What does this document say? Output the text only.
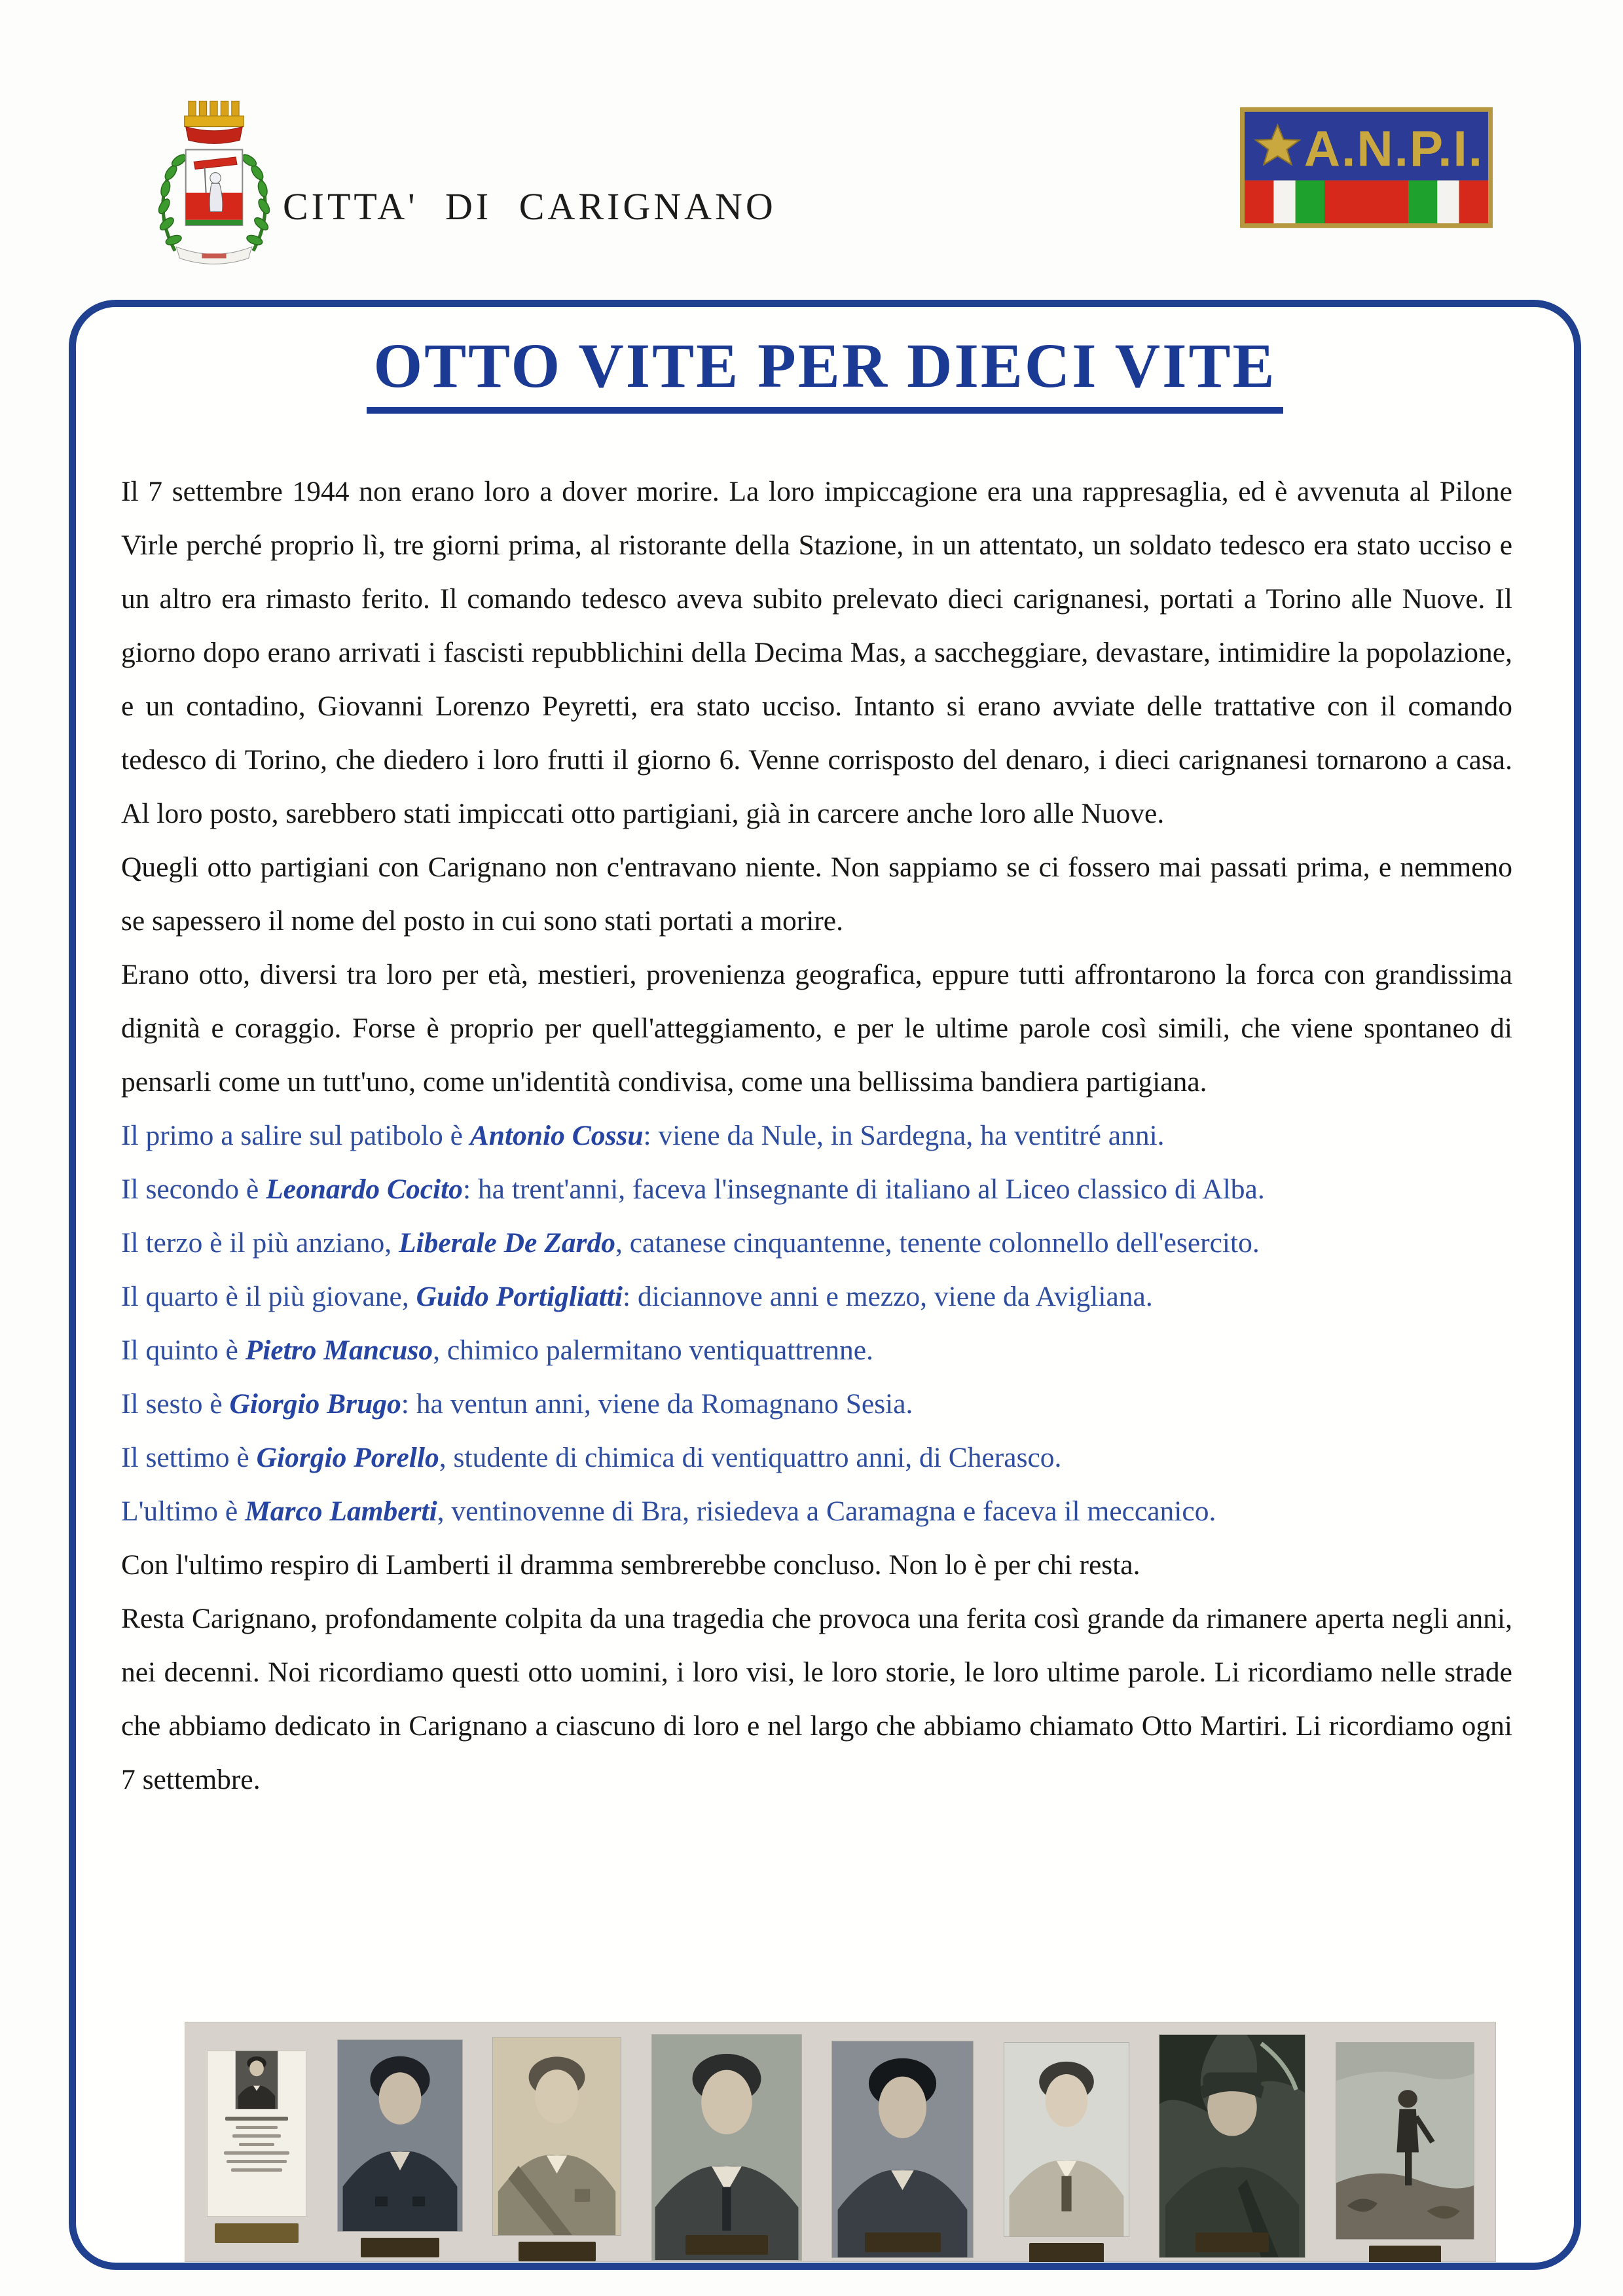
CITTA' DI CARIGNANO
A.N.P.I.
OTTO VITE PER DIECI VITE

Il 7 settembre 1944 non erano loro a dover morire. La loro impiccagione era una rappresaglia, ed è avvenuta al Pilone Virle perché proprio lì, tre giorni prima, al ristorante della Stazione, in un attentato, un soldato tedesco era stato ucciso e un altro era rimasto ferito. Il comando tedesco aveva subito prelevato dieci carignanesi, portati a Torino alle Nuove. Il giorno dopo erano arrivati i fascisti repubblichini della Decima Mas, a saccheggiare, devastare, intimidire la popolazione, e un contadino, Giovanni Lorenzo Peyretti, era stato ucciso. Intanto si erano avviate delle trattative con il comando tedesco di Torino, che diedero i loro frutti il giorno 6. Venne corrisposto del denaro, i dieci carignanesi tornarono a casa. Al loro posto, sarebbero stati impiccati otto partigiani, già in carcere anche loro alle Nuove.

Quegli otto partigiani con Carignano non c'entravano niente. Non sappiamo se ci fossero mai passati prima, e nemmeno se sapessero il nome del posto in cui sono stati portati a morire.

Erano otto, diversi tra loro per età, mestieri, provenienza geografica, eppure tutti affrontarono la forca con grandissima dignità e coraggio. Forse è proprio per quell'atteggiamento, e per le ultime parole così simili, che viene spontaneo di pensarli come un tutt'uno, come un'identità condivisa, come una bellissima bandiera partigiana.

Il primo a salire sul patibolo è Antonio Cossu: viene da Nule, in Sardegna, ha ventitré anni.

Il secondo è Leonardo Cocito: ha trent'anni, faceva l'insegnante di italiano al Liceo classico di Alba.

Il terzo è il più anziano, Liberale De Zardo, catanese cinquantenne, tenente colonnello dell'esercito.

Il quarto è il più giovane, Guido Portigliatti: diciannove anni e mezzo, viene da Avigliana.

Il quinto è Pietro Mancuso, chimico palermitano ventiquattrenne.

Il sesto è Giorgio Brugo: ha ventun anni, viene da Romagnano Sesia.

Il settimo è Giorgio Porello, studente di chimica di ventiquattro anni, di Cherasco.

L'ultimo è Marco Lamberti, ventinovenne di Bra, risiedeva a Caramagna e faceva il meccanico.

Con l'ultimo respiro di Lamberti il dramma sembrerebbe concluso. Non lo è per chi resta.

Resta Carignano, profondamente colpita da una tragedia che provoca una ferita così grande da rimanere aperta negli anni, nei decenni. Noi ricordiamo questi otto uomini, i loro visi, le loro storie, le loro ultime parole. Li ricordiamo nelle strade che abbiamo dedicato in Carignano a ciascuno di loro e nel largo che abbiamo chiamato Otto Martiri. Li ricordiamo ogni 7 settembre.
